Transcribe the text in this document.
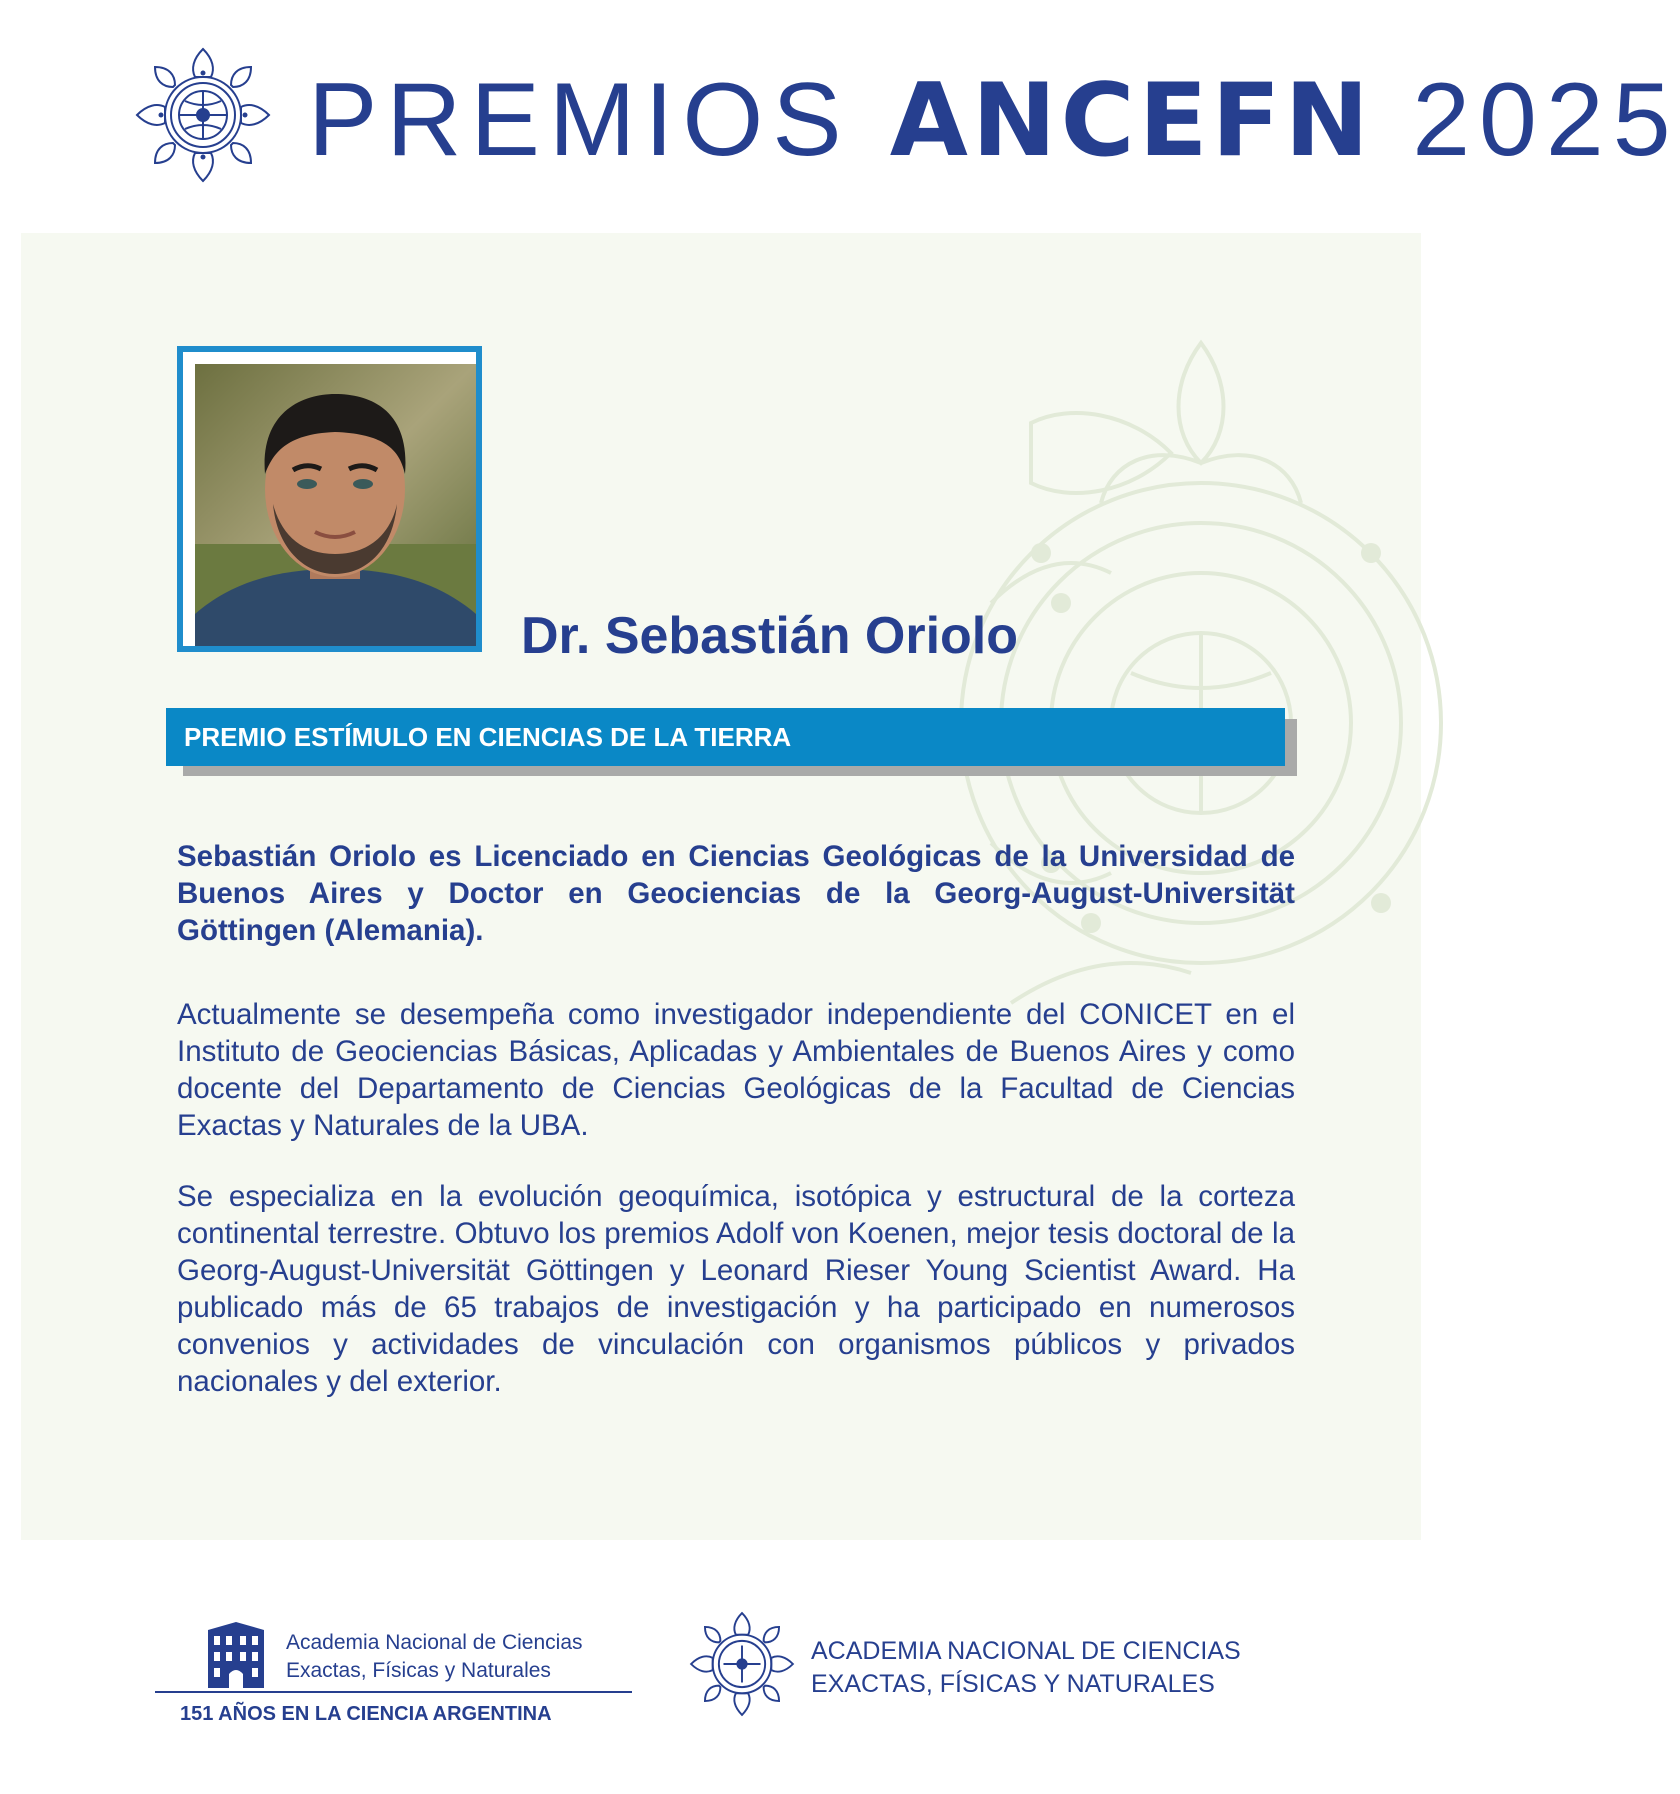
PREMIOS ANCEFN 2025
Dr. Sebastián Oriolo
PREMIO ESTÍMULO EN CIENCIAS DE LA TIERRA

Sebastián Oriolo es Licenciado en Ciencias Geológicas de la Universidad de Buenos Aires y Doctor en Geociencias de la Georg-August-Universität Göttingen (Alemania).

Actualmente se desempeña como investigador independiente del CONICET en el Instituto de Geociencias Básicas, Aplicadas y Ambientales de Buenos Aires y como docente del Departamento de Ciencias Geológicas de la Facultad de Ciencias Exactas y Naturales de la UBA.

Se especializa en la evolución geoquímica, isotópica y estructural de la corteza continental terrestre. Obtuvo los premios Adolf von Koenen, mejor tesis doctoral de la Georg-August-Universität Göttingen y Leonard Rieser Young Scientist Award. Ha publicado más de 65 trabajos de investigación y ha participado en numerosos convenios y actividades de vinculación con organismos públicos y privados nacionales y del exterior.

Academia Nacional de Ciencias
Exactas, Físicas y Naturales
151 AÑOS EN LA CIENCIA ARGENTINA
ACADEMIA NACIONAL DE CIENCIAS
EXACTAS, FÍSICAS Y NATURALES
